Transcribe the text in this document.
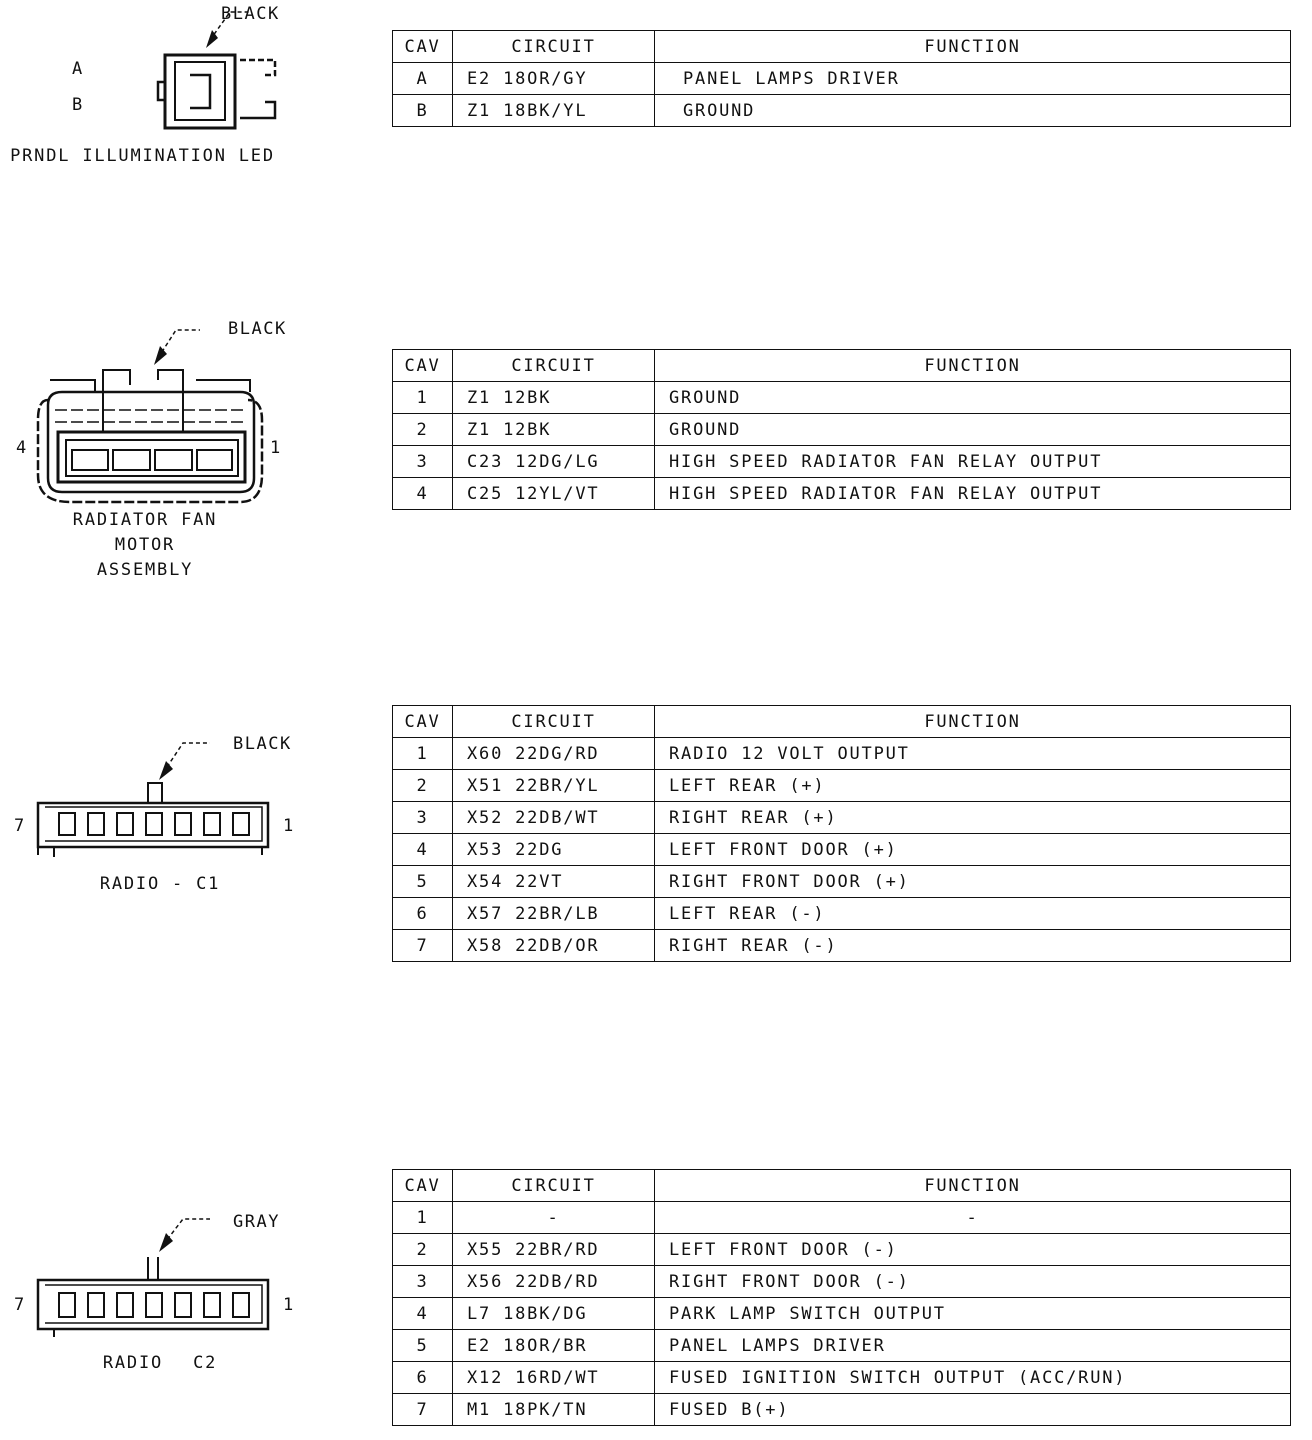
BLACK
A
B
PRNDL ILLUMINATION LED
CAV	CIRCUIT	FUNCTION
A	E2 18OR/GY	PANEL LAMPS DRIVER
B	Z1 18BK/YL	GROUND
BLACK
4	1
RADIATOR FAN MOTOR ASSEMBLY
CAV	CIRCUIT	FUNCTION
1	Z1 12BK	GROUND
2	Z1 12BK	GROUND
3	C23 12DG/LG	HIGH SPEED RADIATOR FAN RELAY OUTPUT
4	C25 12YL/VT	HIGH SPEED RADIATOR FAN RELAY OUTPUT
BLACK
7	1
RADIO - C1
CAV	CIRCUIT	FUNCTION
1	X60 22DG/RD	RADIO 12 VOLT OUTPUT
2	X51 22BR/YL	LEFT REAR (+)
3	X52 22DB/WT	RIGHT REAR (+)
4	X53 22DG	LEFT FRONT DOOR (+)
5	X54 22VT	RIGHT FRONT DOOR (+)
6	X57 22BR/LB	LEFT REAR (-)
7	X58 22DB/OR	RIGHT REAR (-)
GRAY
7	1
RADIO C2
CAV	CIRCUIT	FUNCTION
1	-	-
2	X55 22BR/RD	LEFT FRONT DOOR (-)
3	X56 22DB/RD	RIGHT FRONT DOOR (-)
4	L7 18BK/DG	PARK LAMP SWITCH OUTPUT
5	E2 18OR/BR	PANEL LAMPS DRIVER
6	X12 16RD/WT	FUSED IGNITION SWITCH OUTPUT (ACC/RUN)
7	M1 18PK/TN	FUSED B(+)
